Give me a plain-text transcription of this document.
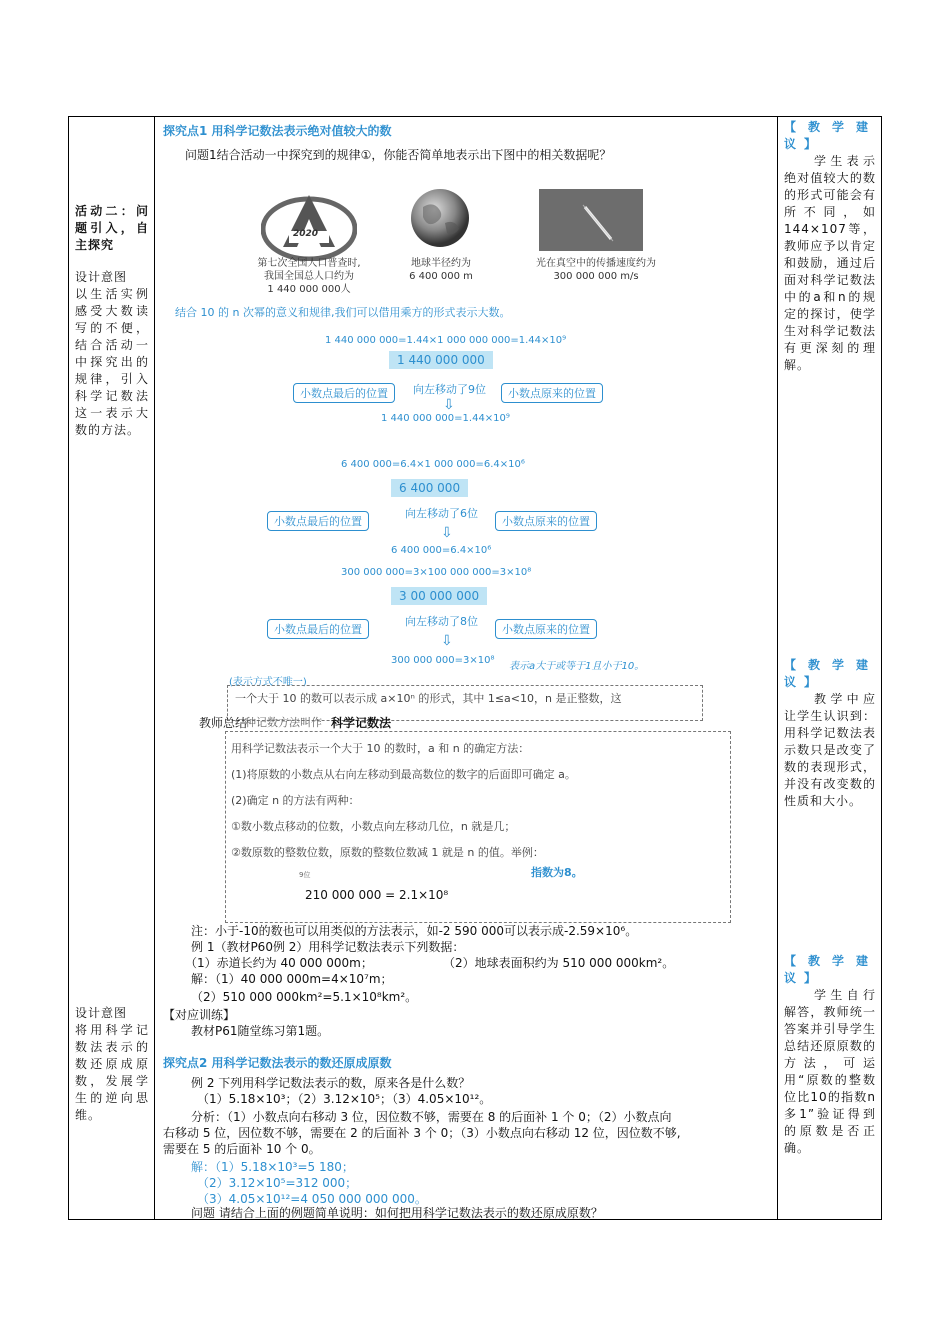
活动二：问题引入，自主探究
设计意图
以生活实例感受大数读写的不便，结合活动一中探究出的规律，引入科学记数法这一表示大数的方法。
设计意图
将用科学记数法表示的数还原成原数，发展学生的逆向思维。
探究点1 用科学记数法表示绝对值较大的数
问题1结合活动一中探究到的规律①，你能否简单地表示出下图中的相关数据呢？
2020
第七次全国人口普查时,
我国全国总人口约为
1 440 000 000人
地球半径约为
6 400 000 m
光在真空中的传播速度约为
300 000 000 m/s
结合 10 的 n 次幂的意义和规律,我们可以借用乘方的形式表示大数。
1 440 000 000=1.44×1 000 000 000=1.44×10⁹
1 440 000 000
小数点最后的位置	向左移动了9位	小数点原来的位置
⇩
1 440 000 000=1.44×10⁹
6 400 000=6.4×1 000 000=6.4×10⁶
6 400 000
小数点最后的位置
向左移动了6位
小数点原来的位置
⇩
6 400 000=6.4×10⁶
300 000 000=3×100 000 000=3×10⁸
3 00 000 000
小数点最后的位置
向左移动了8位
小数点原来的位置
⇩
300 000 000=3×10⁸
表示a大于或等于1且小于10。
(表示方式不唯一)
一个大于 10 的数可以表示成 a×10ⁿ 的形式，其中 1≤a<10，n 是正整数，这
教师总结
种记数方法叫作 科学记数法
用科学记数法表示一个大于 10 的数时，a 和 n 的确定方法：
(1)将原数的小数点从右向左移动到最高数位的数字的后面即可确定 a。
(2)确定 n 的方法有两种：
①数小数点移动的位数，小数点向左移动几位，n 就是几；
②数原数的整数位数，原数的整数位数减 1 就是 n 的值。举例：
9位
210 000 000 = 2.1×10⁸
指数为8。
注：小于-10的数也可以用类似的方法表示，如-2 590 000可以表示成-2.59×10⁶。
例 1（教材P60例 2）用科学记数法表示下列数据：
（1）赤道长约为 40 000 000m；	（2）地球表面积约为 510 000 000km²。
解：（1）40 000 000m=4×10⁷m；
（2）510 000 000km²=5.1×10⁸km²。
【对应训练】
教材P61随堂练习第1题。
探究点2 用科学记数法表示的数还原成原数
例 2 下列用科学记数法表示的数，原来各是什么数？
（1）5.18×10³；（2）3.12×10⁵；（3）4.05×10¹²。
分析：（1）小数点向右移动 3 位，因位数不够，需要在 8 的后面补 1 个 0；（2）小数点向
右移动 5 位，因位数不够，需要在 2 的后面补 3 个 0；（3）小数点向右移动 12 位，因位数不够,
需要在 5 的后面补 10 个 0。
解：（1）5.18×10³=5 180；
（2）3.12×10⁵=312 000；
（3）4.05×10¹²=4 050 000 000 000。
问题 请结合上面的例题简单说明：如何把用科学记数法表示的数还原成原数？
【教学建议】
学生表示绝对值较大的数的形式可能会有所不同，如144×107等，教师应予以肯定和鼓励，通过后面对科学记数法中的a和n的规定的探讨，使学生对科学记数法有更深刻的理解。
【教学建议】
教学中应让学生认识到：用科学记数法表示数只是改变了数的表现形式，并没有改变数的性质和大小。
【教学建议】
学生自行解答，教师统一答案并引导学生总结还原原数的方法，可运用“原数的整数位比10的指数n多1”验证得到的原数是否正确。
